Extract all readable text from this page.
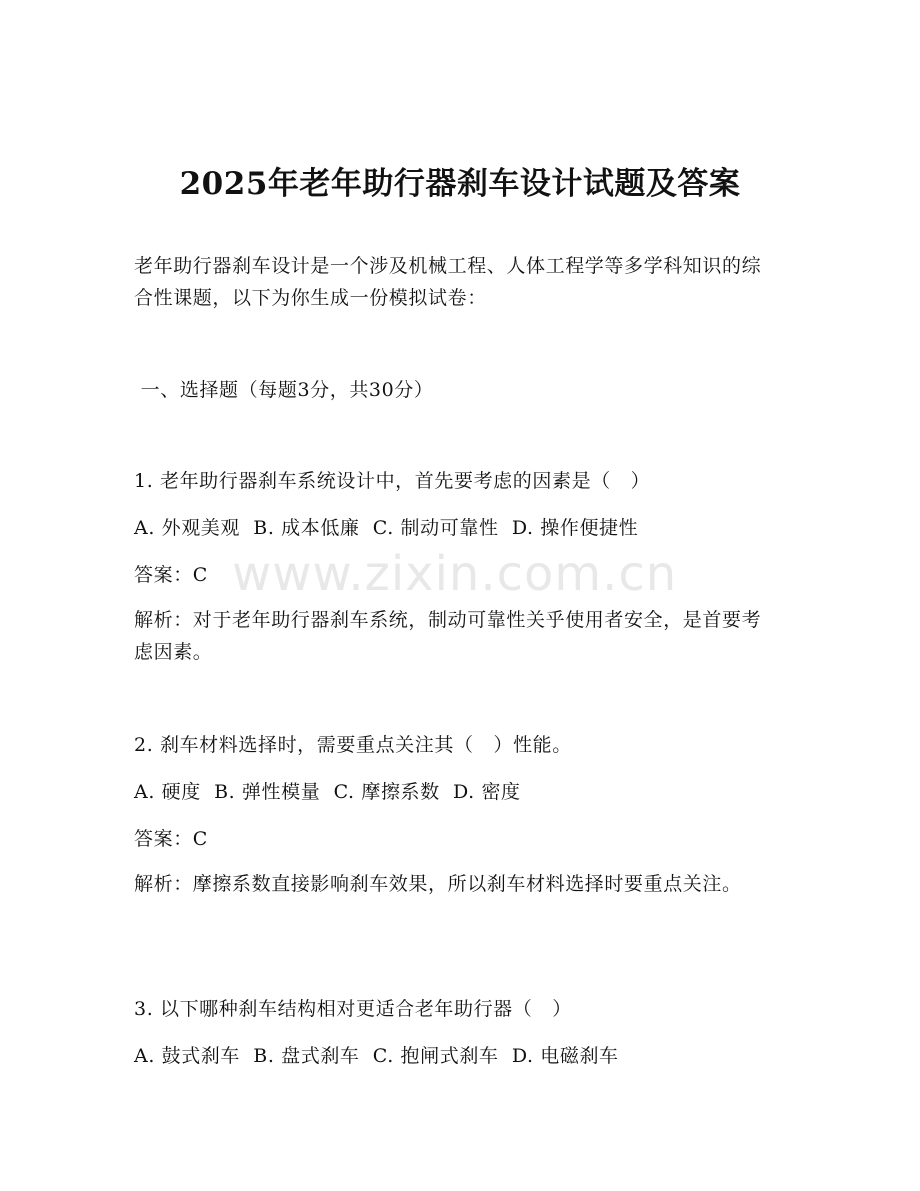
2025年老年助行器刹车设计试题及答案
老年助行器刹车设计是一个涉及机械工程、人体工程学等多学科知识的综合性课题，以下为你生成一份模拟试卷：
一、选择题（每题3分，共30分）
1. 老年助行器刹车系统设计中，首先要考虑的因素是（   ）
A. 外观美观  B. 成本低廉  C. 制动可靠性  D. 操作便捷性
答案：C
解析：对于老年助行器刹车系统，制动可靠性关乎使用者安全，是首要考虑因素。
2. 刹车材料选择时，需要重点关注其（   ）性能。
A. 硬度  B. 弹性模量  C. 摩擦系数  D. 密度
答案：C
解析：摩擦系数直接影响刹车效果，所以刹车材料选择时要重点关注。
3. 以下哪种刹车结构相对更适合老年助行器（   ）
A. 鼓式刹车  B. 盘式刹车  C. 抱闸式刹车  D. 电磁刹车
www.zixin.com.cn
